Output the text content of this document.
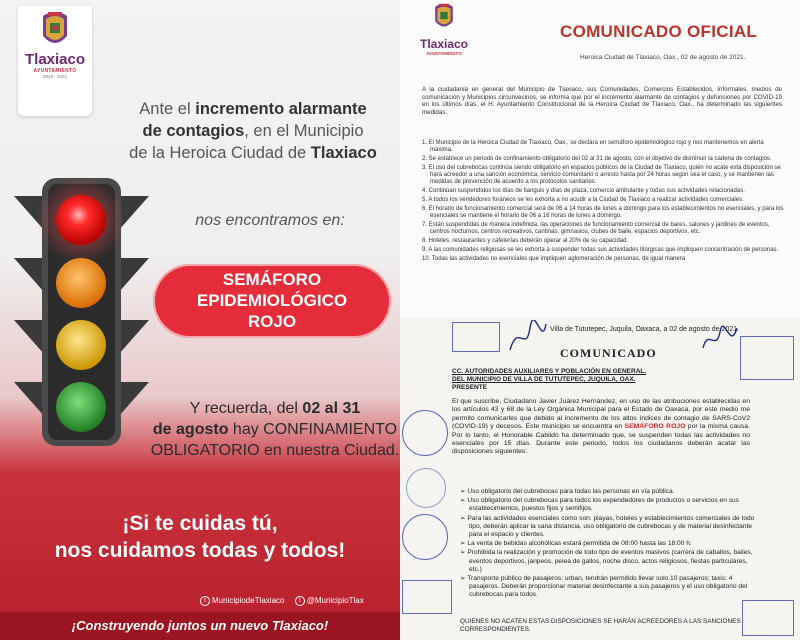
Tlaxiaco
AYUNTAMIENTO
2019 - 2021
Ante el incremento alarmante
de contagios, en el Municipio
de la Heroica Ciudad de Tlaxiaco
nos encontramos en:
SEMÁFORO
EPIDEMIOLÓGICO
ROJO
Y recuerda, del 02 al 31
de agosto hay CONFINAMIENTO
OBLIGATORIO en nuestra Ciudad.
¡Si te cuidas tú,
nos cuidamos todas y todos!
f MunicipiodeTlaxiaco t @MunicipioTlax
¡Construyendo juntos un nuevo Tlaxiaco!
Tlaxiaco
AYUNTAMIENTO
COMUNICADO OFICIAL
Heroica Ciudad de Tlaxiaco, Oax., 02 de agosto de 2021.
A la ciudadanía en general del Municipio de Tlaxiaco, sus Comunidades, Comercios Establecidos, Informales, medios de comunicación y Municipios circunvecinos, se informa que por el incremento alarmante de contagios y defunciones por COVID-19 en los últimos días, el H. Ayuntamiento Constitucional de la Heroica Ciudad de Tlaxiaco, Oax., ha determinado las siguientes medidas:
1. El Municipio de la Heroica Ciudad de Tlaxiaco, Oax., se declara en semáforo epidemiológico rojo y nos mantenemos en alerta máxima.
2. Se establece un periodo de confinamiento obligatorio del 02 al 31 de agosto, con el objetivo de disminuir la cadena de contagios.
3. El uso del cubrebocas continúa siendo obligatorio en espacios públicos de la Ciudad de Tlaxiaco, quién no acate esta disposición se hará acreedor a una sanción económica, servicio comunitario o arresto hasta por 24 horas según sea el caso, y se mantienen las medidas de prevención de acuerdo a los protocolos sanitarios.
4. Continúan suspendidos los días de tianguis y días de plaza, comercio ambulante y todas sus actividades relacionadas.
5. A todos los vendedores foráneos se les exhorta a no acudir a la Ciudad de Tlaxiaco a realizar actividades comerciales.
6. El horario de funcionamiento comercial será de 06 a 14 horas de lunes a domingo para los establecimientos no esenciales, y para los esenciales se mantiene el horario de 06 a 16 horas de lunes a domingo.
7. Están suspendidas de manera indefinida, las operaciones de funcionamiento comercial de bares, salones y jardines de eventos, centros nocturnos, centros recreativos, cantinas, gimnasios, clubes de baile, espacios deportivos, etc.
8. Hoteles, restaurantes y cafeterías deberán operar al 20% de su capacidad.
9. A las comunidades religiosas se les exhorta a suspender todas sus actividades litúrgicas que impliquen concentración de personas.
10. Todas las actividades no esenciales que impliquen aglomeración de personas, de igual manera
Villa de Tututepec, Juquila, Oaxaca, a 02 de agosto de 2021.
COMUNICADO
CC. AUTORIDADES AUXILIARES Y POBLACIÓN EN GENERAL.
DEL MUNICIPIO DE VILLA DE TUTUTEPEC, JUQUILA, OAX.
PRESENTE
El que suscribe, Ciudadano Javier Juárez Hernández, en uso de las atribuciones establecidas en los artículos 43 y 68 de la Ley Orgánica Municipal para el Estado de Oaxaca, por este medio me permito comunicarles que debido al incremento de los altos índices de contagio de SARS-CoV2 (COVID-19) y decesos. Este municipio se encuentra en SEMÁFORO ROJO por la misma causa. Por lo tanto, el Honorable Cabildo ha determinado que, se suspenden todas las actividades no esenciales por 15 días. Durante este periodo, todos los ciudadanos deberán acatar las disposiciones siguientes:
➢ Uso obligatorio del cubrebocas para todas las personas en vía pública.
➢ Uso obligatorio del cubrebocas para todos los expendedores de productos o servicios en sus establecimientos, puestos fijos y semifijos.
➢ Para las actividades esenciales como son: playas, hoteles y establecimientos comerciales de todo tipo, deberán aplicar la sana distancia, uso obligatorio de cubrebocas y de material desinfectante para el espacio y clientes.
➢ La venta de bebidas alcohólicas estará permitida de 08:00 hasta las 18:00 h.
➢ Prohibida la realización y promoción de todo tipo de eventos masivos (carrera de caballos, bailes, eventos deportivos, jaripeos, pelea de gallos, noche disco, actos religiosos, fiestas particulares, etc.)
➢ Transporte público de pasajeros: urban, tendrán permitido llevar solo 10 pasajeros; taxis: 4 pasajeros. Deberán proporcionar material desinfectante a sus pasajeros y el uso obligatorio del cubrebocas para todos.
QUIENES NO ACATEN ESTAS DISPOSICIONES SE HARÁN ACREEDORES A LAS SANCIONES CORRESPONDIENTES.
